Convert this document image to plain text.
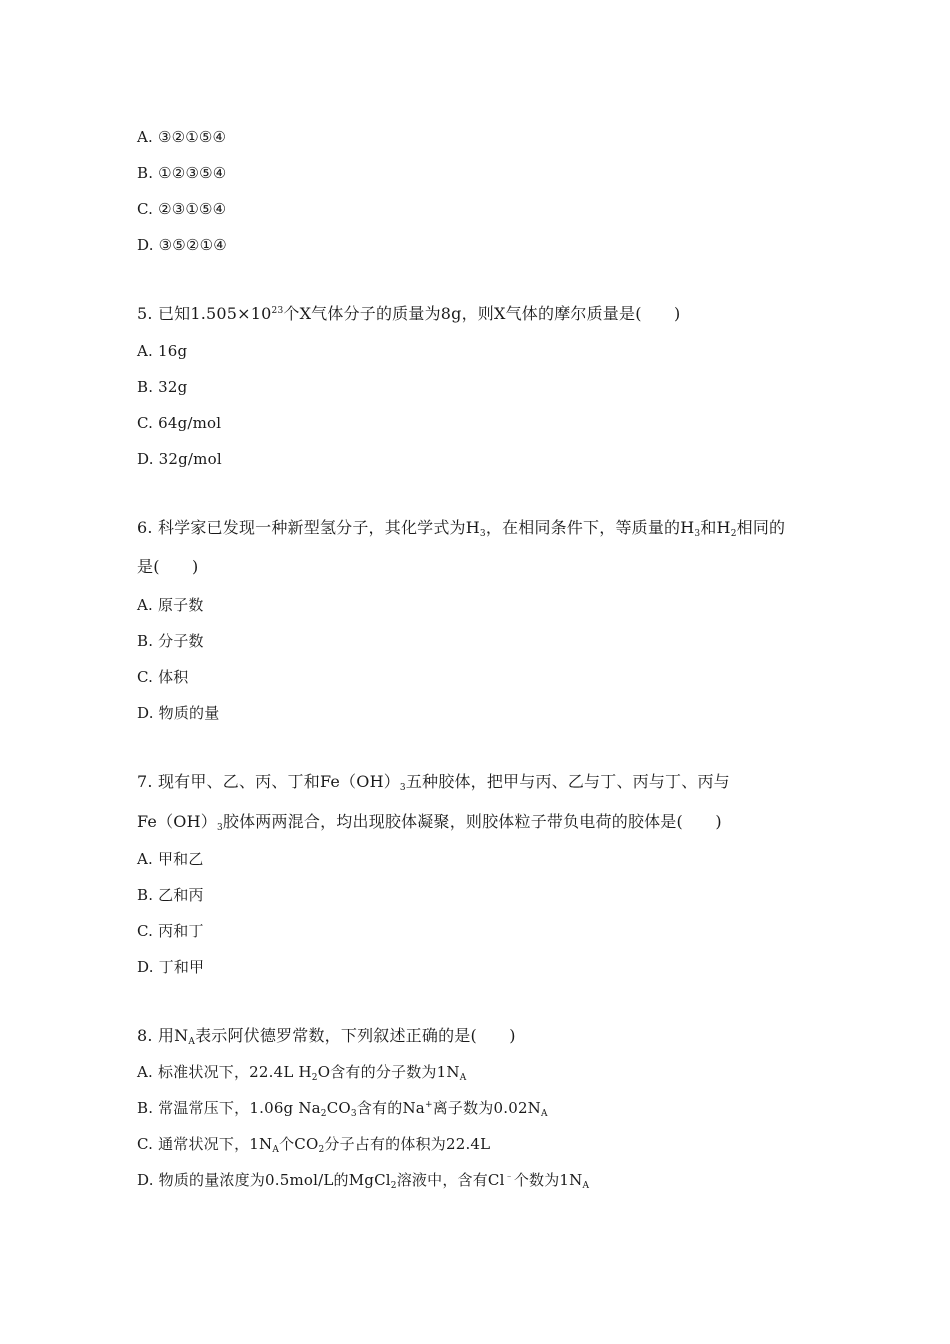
A. ③②①⑤④
B. ①②③⑤④
C. ②③①⑤④
D. ③⑤②①④
5. 已知$1.505\times 10^{23}$个X气体分子的质量为8g，则X气体的摩尔质量是(　　)
A. 16g
B. 32g
C. 64g/mol
D. 32g/mol
6. 科学家已发现一种新型氢分子，其化学式为$H_3$，在相同条件下，等质量的$H_3$和$H_2$相同的
是(　　)
A. 原子数
B. 分子数
C. 体积
D. 物质的量
7. 现有甲、乙、丙、丁和$Fe(OH)_3$五种胶体，把甲与丙、乙与丁、丙与丁、丙与
$Fe(OH)_3$胶体两两混合，均出现胶体凝聚，则胶体粒子带负电荷的胶体是(　　)
A. 甲和乙
B. 乙和丙
C. 丙和丁
D. 丁和甲
8. 用$N_A$表示阿伏德罗常数，下列叙述正确的是(　　)
A. 标准状况下，22.4L $H_2O$含有的分子数为$1N_A$
B. 常温常压下，1.06g $Na_2CO_3$含有的Na+离子数为$0.02N_A$
C. 通常状况下，$1N_A$个$CO_2$分子占有的体积为22.4L
D. 物质的量浓度为0.5mol/L的MgCl$_2$溶液中，含有Cl﹣个数为$1N_A$
